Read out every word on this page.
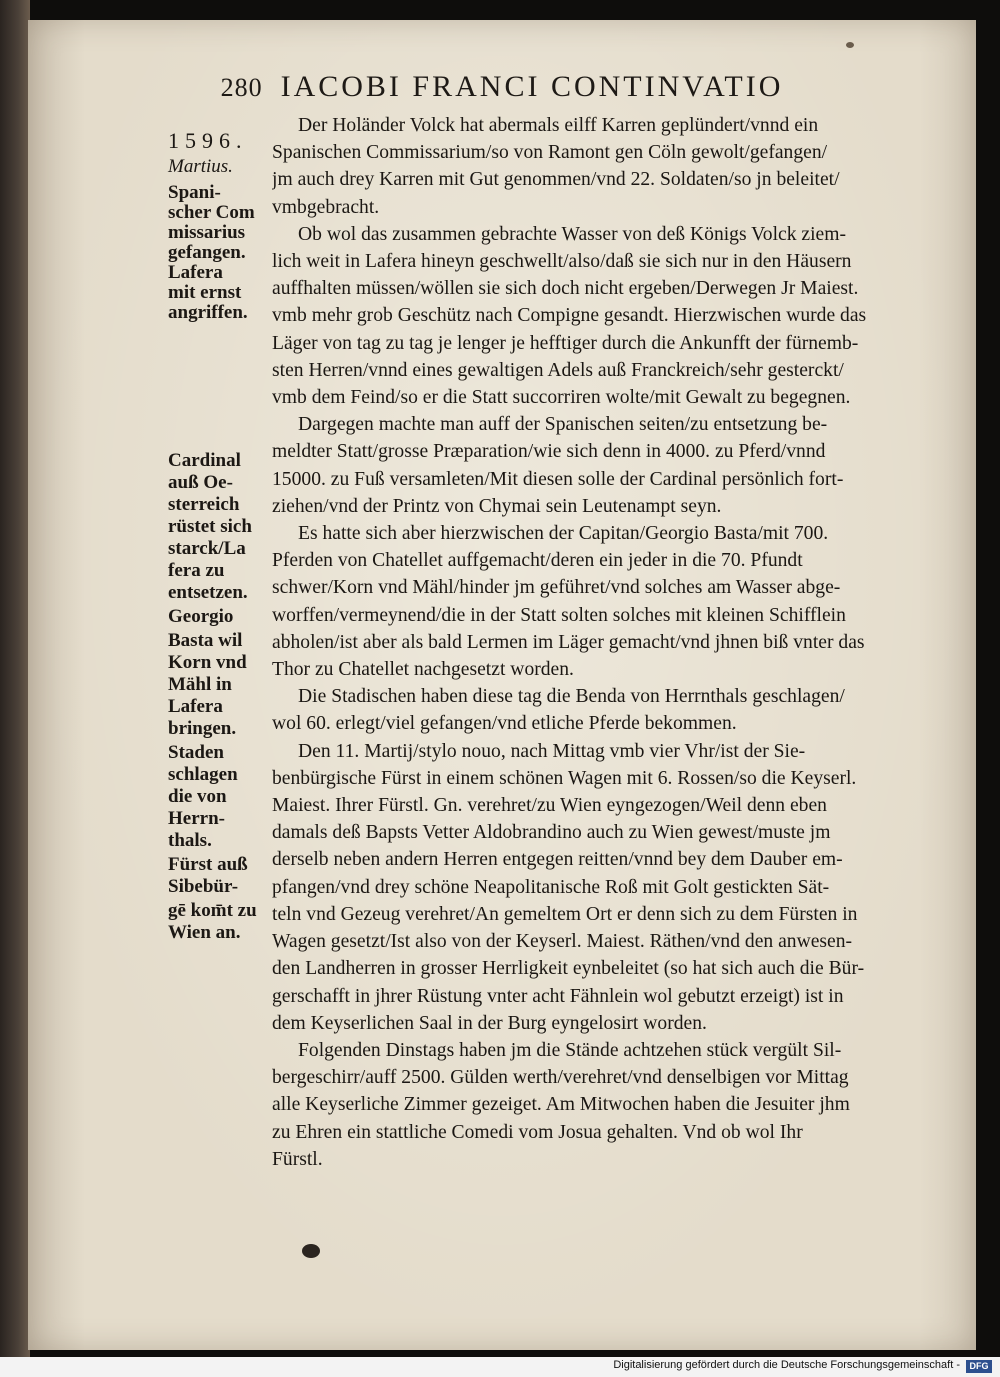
280 IACOBI FRANCI CONTINVATIO
1596.
Martius.
Spani-
scher Com
missarius
gefangen.
Lafera
mit ernst
angriffen.
Cardinal
auß Oe-
sterreich
rüstet sich
starck/La
fera zu
entsetzen.
Georgio
Basta wil
Korn vnd
Mähl in
Lafera
bringen.
Staden
schlagen
die von
Herrn-
thals.
Fürst auß
Sibebür-
gē kom̄t zu
Wien an.
Der Holänder Volck hat abermals eilff Karren geplündert/vnnd ein
Spanischen Commissarium/so von Ramont gen Cöln gewolt/gefangen/
jm auch drey Karren mit Gut genommen/vnd 22. Soldaten/so jn beleitet/
vmbgebracht.
Ob wol das zusammen gebrachte Wasser von deß Königs Volck ziem-
lich weit in Lafera hineyn geschwellt/also/daß sie sich nur in den Häusern
auffhalten müssen/wöllen sie sich doch nicht ergeben/Derwegen Jr Maiest.
vmb mehr grob Geschütz nach Compigne gesandt. Hierzwischen wurde das
Läger von tag zu tag je lenger je hefftiger durch die Ankunfft der fürnemb-
sten Herren/vnnd eines gewaltigen Adels auß Franckreich/sehr gesterckt/
vmb dem Feind/so er die Statt succorriren wolte/mit Gewalt zu begegnen.
Dargegen machte man auff der Spanischen seiten/zu entsetzung be-
meldter Statt/grosse Præparation/wie sich denn in 4000. zu Pferd/vnnd
15000. zu Fuß versamleten/Mit diesen solle der Cardinal persönlich fort-
ziehen/vnd der Printz von Chymai sein Leutenampt seyn.
Es hatte sich aber hierzwischen der Capitan/Georgio Basta/mit 700.
Pferden von Chatellet auffgemacht/deren ein jeder in die 70. Pfundt
schwer/Korn vnd Mähl/hinder jm geführet/vnd solches am Wasser abge-
worffen/vermeynend/die in der Statt solten solches mit kleinen Schifflein
abholen/ist aber als bald Lermen im Läger gemacht/vnd jhnen biß vnter das
Thor zu Chatellet nachgesetzt worden.
Die Stadischen haben diese tag die Benda von Herrnthals geschlagen/
wol 60. erlegt/viel gefangen/vnd etliche Pferde bekommen.
Den 11. Martij/stylo nouo, nach Mittag vmb vier Vhr/ist der Sie-
benbürgische Fürst in einem schönen Wagen mit 6. Rossen/so die Keyserl.
Maiest. Ihrer Fürstl. Gn. verehret/zu Wien eyngezogen/Weil denn eben
damals deß Bapsts Vetter Aldobrandino auch zu Wien gewest/muste jm
derselb neben andern Herren entgegen reitten/vnnd bey dem Dauber em-
pfangen/vnd drey schöne Neapolitanische Roß mit Golt gestickten Sät-
teln vnd Gezeug verehret/An gemeltem Ort er denn sich zu dem Fürsten in
Wagen gesetzt/Ist also von der Keyserl. Maiest. Räthen/vnd den anwesen-
den Landherren in grosser Herrligkeit eynbeleitet (so hat sich auch die Bür-
gerschafft in jhrer Rüstung vnter acht Fähnlein wol gebutzt erzeigt) ist in
dem Keyserlichen Saal in der Burg eyngelosirt worden.
Folgenden Dinstags haben jm die Stände achtzehen stück vergült Sil-
bergeschirr/auff 2500. Gülden werth/verehret/vnd denselbigen vor Mittag
alle Keyserliche Zimmer gezeiget. Am Mitwochen haben die Jesuiter jhm
zu Ehren ein stattliche Comedi vom Josua gehalten. Vnd ob wol Ihr
Fürstl.
Digitalisierung gefördert durch die Deutsche Forschungsgemeinschaft -	DFG
